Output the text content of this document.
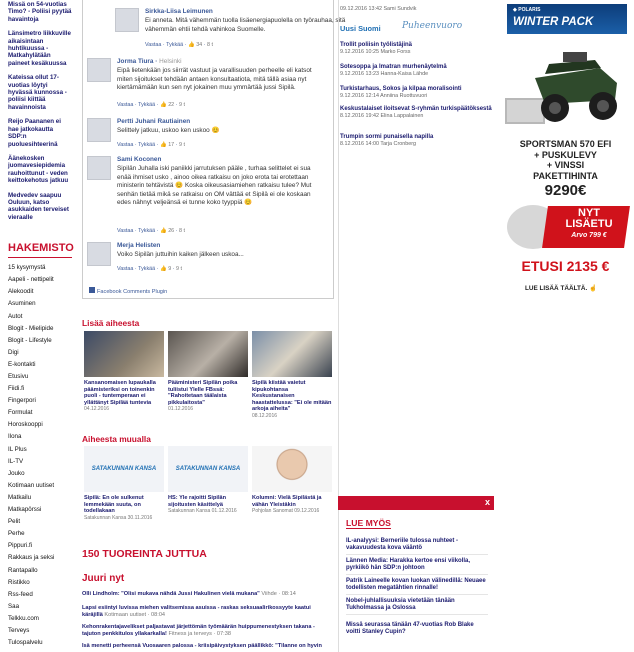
Missä on 54-vuotias Timo? - Poliisi pyytää havaintoja
Länsimetro liikkuville aikaisintaan huhtikuussa - Matkahylätään paineet kesäkuussa
Kateissa ollut 17-vuotias löytyi hyvässä kunnossa - poliisi kiittää havainnoista
Reijo Paananen ei hae jatkokautta SDP:n puoluesihteerinä
Äänekosken juomavesiepidemia rauhoittunut - veden keittokehotus jatkuu
Medvedev saapuu Ouluun, katso asukkaiden terveiset vieraalle
HAKEMISTO
15 kysymystä
Aapeli - nettipelit
Alekoodit
Asuminen
Autot
Blogit - Mielipide
Blogit - Lifestyle
Digi
E-kontakti
Etusivu
Fiidi.fi
Fingerpori
Formulat
Horoskooppi
Ilona
IL Plus
IL-TV
Jouko
Kotimaan uutiset
Matkailu
Matkapörssi
Pelit
Perhe
Pippuri.fi
Rakkaus ja seksi
Rantapallo
Ristikko
Rss-feed
Saa
Telkku.com
Terveys
Tulospalvelu
Sirkka-Liisa Leimunen
Ei anneta. Mitä vähemmän tuolla lisäenergiapuolella on työrauhaa, sitä vähemmän ehtii tehdä vahinkoa Suomelle.
Vastaa · Tykkää · 👍 34 · 8 t
Jorma Tiura · Helsinki
Eipä lietenkään jos siirrät vastuut ja varallisuuden perheelle eli katsot miten sijoitukset tehdään antaen konsultaatiota, mitä tällä asiaa nyt kiertämämään kun sen nyt jokainen muu ymmärtää jussi Sipilä.
Vastaa · Tykkää · 👍 22 · 9 t
Pertti Juhani Rautiainen
Selittely jatkuu, uskoo ken uskoo 😊
Vastaa · Tykkää · 👍 17 · 9 t
Sami Koconen
Sipilän Juhalla iski paniikki jarrutuksen pääle , turhaa selittelet ei sua enää ihmiset usko , ainoo oikea ratkaisu on joko erota tai erotettaan ministerin tehtävistä 😊 Koska oikeusasiamiehen ratkaisu tulee? Mut senhän tietää mikä se ratkaisu on OM vättää et Sipilä ei ole koskaan edes nähnyt veljeänsä ei tunne koko tyyppiä 😊
Vastaa · Tykkää · 👍 26 · 8 t
Merja Helisten
Voiko Sipilän juttuihin kaiken jälkeen uskoa...
Vastaa · Tykkää · 👍 9 · 9 t
Facebook Comments Plugin
Lisää aiheesta
Kansanomaisen lupaukalla päämisteriksi on toinenkin puoli - tuntemperaan ei yllättänyt Sipilää tuntevia
04.12.2016
Pääministeri Sipilän poika tuliistui Ylelle FBssä: "Rahoitetaan täälaista pikkulaitosta"
01.12.2016
Sipilä kiistää vaietut kipukohtansa Keskustanaisen haastattelussa: "Ei ole mitään arkoja aiheita"
08.12.2016
Aiheesta muualla
SATAKUNNAN KANSA
Sipilä: En ole sulkenut lemmekään suuta, on todellakaan
Satakunnan Kansa 30.11.2016
SATAKUNNAN KANSA
HS: Yle rajoitti Sipilän sijoitusten käsittelyä
Satakunnan Kansa 01.12.2016
Kolumni: Vielä Sipilästä ja vähän Yleistäkin
Pohjolan Sanomat 09.12.2016
150 TUOREINTA JUTTUA
Juuri nyt
Olli Lindholm: "Olisi mukava nähdä Jussi Hakulinen vielä mukana" Viihde · 08:14
Lapsi esiintyi luvissa miehen valitsemissa asuissa - raskas seksuaalirikossyyte kaatui käräjillä Kotimaan uutiset · 08:04
Kehonrakentajavelikset paljastavat järjettömän työmäärän huippumenestyksen takana - tajuton penkkitulos yllakarkalla! Fitness ja terveys · 07:38
Isä menetti perheensä Vuosaaren palossa - kriisipäivystyksen päällikkö: "Tilanne on hyvin
09.12.2016 13:42 Sami Sundvik
Uusi Suomi Puheenvuoro
Trollit poliisin työlistäjinä
9.12.2016 10:25 Marko Forss
Sotesoppa ja Imatran murhenäytelmä
9.12.2016 13:23 Hanna-Kaisa Lähde
Turkistarhaus, Sokos ja kilpaa moralisointi
9.12.2016 12:14 Anniina Ruottuvuori
Keskustalaiset iloitsevat S-ryhmän turkispäätöksestä
8.12.2016 19:42 Elina Lappalainen
Trumpin sormi punaisella napilla
8.12.2016 14:00 Tarja Cronberg
◆ POLARIS
WINTER PACK
SPORTSMAN 570 EFI
+ PUSKULEVY
+ VINSSI
PAKETTIHINTA
9290€
NYT
LISÄETU
Arvo 799 €
ETUSI 2135 €
LUE LISÄÄ TÄÄLTÄ. ☝
x
LUE MYÖS
IL-analyysi: Berneriile tulossa nuhteet - vakavuudesta kova vääntö
Lännen Media: Harakka kertoe ensi viikolla, pyrkiikö hän SDP:n johtoon
Patrik Laineelle kovan luokan välinedillä: Neuaee todellisten megatähtien rinnalle!
Nobel-juhlallisuuksia vietetään tänään Tukholmassa ja Oslossa
Missä seurassa tänään 47-vuotias Rob Blake voitti Stanley Cupin?
